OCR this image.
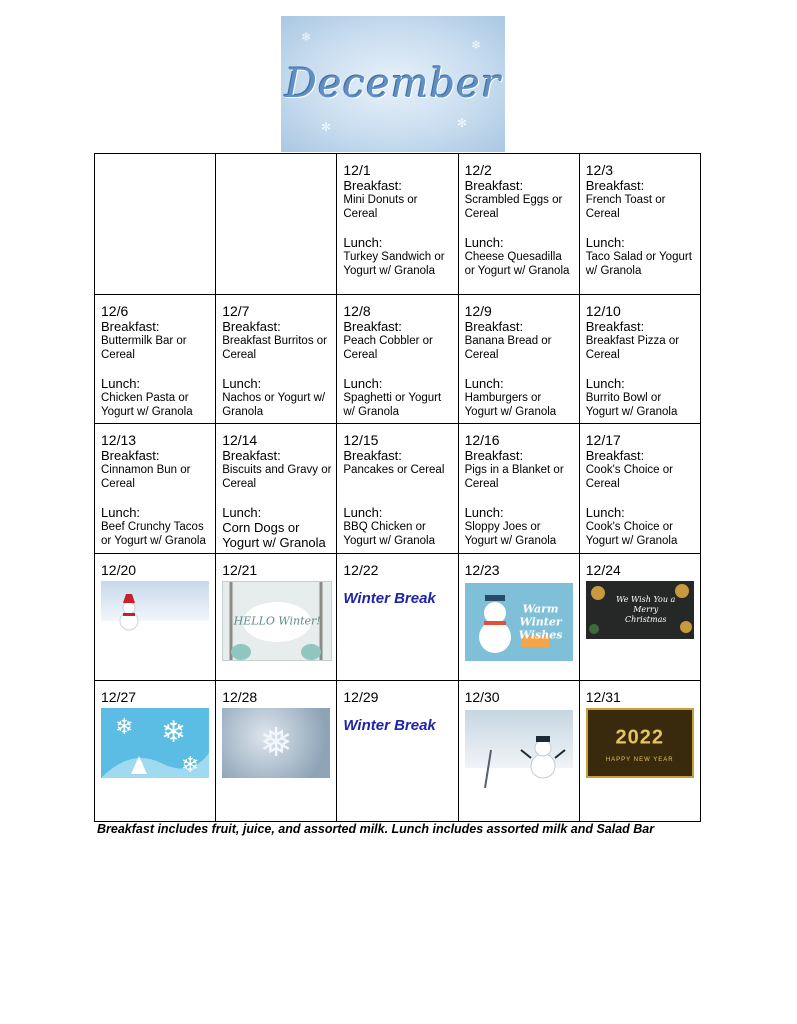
❄
❄
✻	✻
December

		12/1
Breakfast:
Mini Donuts or Cereal
Lunch:
Turkey Sandwich or Yogurt w/ Granola	12/2
Breakfast:
Scrambled Eggs or Cereal
Lunch:
Cheese Quesadilla or Yogurt w/ Granola	12/3
Breakfast:
French Toast or Cereal
Lunch:
Taco Salad or Yogurt w/ Granola

12/6
Breakfast:
Buttermilk Bar or Cereal
Lunch:
Chicken Pasta or Yogurt w/ Granola	12/7
Breakfast:
Breakfast Burritos or Cereal
Lunch:
Nachos or Yogurt w/ Granola	12/8
Breakfast:
Peach Cobbler or Cereal
Lunch:
Spaghetti or Yogurt w/ Granola	12/9
Breakfast:
Banana Bread or Cereal
Lunch:
Hamburgers or Yogurt w/ Granola	12/10
Breakfast:
Breakfast Pizza or Cereal
Lunch:
Burrito Bowl or Yogurt w/ Granola

12/13
Breakfast:
Cinnamon Bun or Cereal
Lunch:
Beef Crunchy Tacos or Yogurt w/ Granola	12/14
Breakfast:
Biscuits and Gravy or Cereal
Lunch:
Corn Dogs or Yogurt w/ Granola	12/15
Breakfast:
Pancakes or Cereal
Lunch:
BBQ Chicken or Yogurt w/ Granola	12/16
Breakfast:
Pigs in a Blanket or Cereal
Lunch:
Sloppy Joes or Yogurt w/ Granola	12/17
Breakfast:
Cook's Choice or Cereal
Lunch:
Cook's Choice or Yogurt w/ Granola

12/20	12/21
HELLO Winter!	12/22
Winter Break	12/23
Warm Winter Wishes	12/24
We Wish You a Merry Christmas

12/27
❄ ❄
❄	12/28
❅	12/29
Winter Break	12/30	12/31
2022
HAPPY NEW YEAR
Breakfast includes fruit, juice, and assorted milk. Lunch includes assorted milk and Salad Bar
